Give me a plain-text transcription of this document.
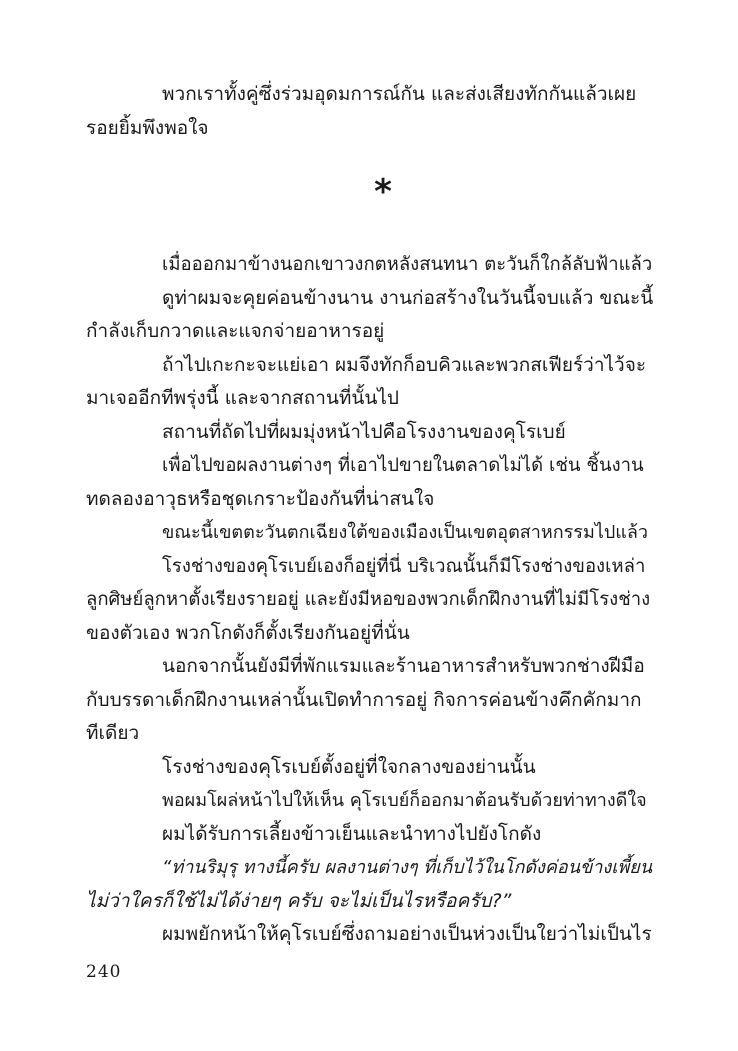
พวกเราทั้งคู่ซึ่งร่วมอุดมการณ์กัน และส่งเสียงทักกันแล้วเผย
รอยยิ้มพึงพอใจ
*
เมื่อออกมาข้างนอกเขาวงกตหลังสนทนา ตะวันก็ใกล้ลับฟ้าแล้ว
ดูท่าผมจะคุยค่อนข้างนาน งานก่อสร้างในวันนี้จบแล้ว ขณะนี้
กำลังเก็บกวาดและแจกจ่ายอาหารอยู่
ถ้าไปเกะกะจะแย่เอา ผมจึงทักก็อบคิวและพวกสเฟียร์ว่าไว้จะ
มาเจออีกทีพรุ่งนี้ และจากสถานที่นั้นไป
สถานที่ถัดไปที่ผมมุ่งหน้าไปคือโรงงานของคุโรเบย์
เพื่อไปขอผลงานต่างๆ ที่เอาไปขายในตลาดไม่ได้ เช่น ชิ้นงาน
ทดลองอาวุธหรือชุดเกราะป้องกันที่น่าสนใจ
ขณะนี้เขตตะวันตกเฉียงใต้ของเมืองเป็นเขตอุตสาหกรรมไปแล้ว
โรงช่างของคุโรเบย์เองก็อยู่ที่นี่ บริเวณนั้นก็มีโรงช่างของเหล่า
ลูกศิษย์ลูกหาตั้งเรียงรายอยู่ และยังมีหอของพวกเด็กฝึกงานที่ไม่มีโรงช่าง
ของตัวเอง พวกโกดังก็ตั้งเรียงกันอยู่ที่นั่น
นอกจากนั้นยังมีที่พักแรมและร้านอาหารสำหรับพวกช่างฝีมือ
กับบรรดาเด็กฝึกงานเหล่านั้นเปิดทำการอยู่ กิจการค่อนข้างคึกคักมาก
ทีเดียว
โรงช่างของคุโรเบย์ตั้งอยู่ที่ใจกลางของย่านนั้น
พอผมโผล่หน้าไปให้เห็น คุโรเบย์ก็ออกมาต้อนรับด้วยท่าทางดีใจ
ผมได้รับการเลี้ยงข้าวเย็นและนำทางไปยังโกดัง
“ท่านริมุรุ ทางนี้ครับ ผลงานต่างๆ ที่เก็บไว้ในโกดังค่อนข้างเพี้ยน
ไม่ว่าใครก็ใช้ไม่ได้ง่ายๆ ครับ จะไม่เป็นไรหรือครับ?”
ผมพยักหน้าให้คุโรเบย์ซึ่งถามอย่างเป็นห่วงเป็นใยว่าไม่เป็นไร
240
